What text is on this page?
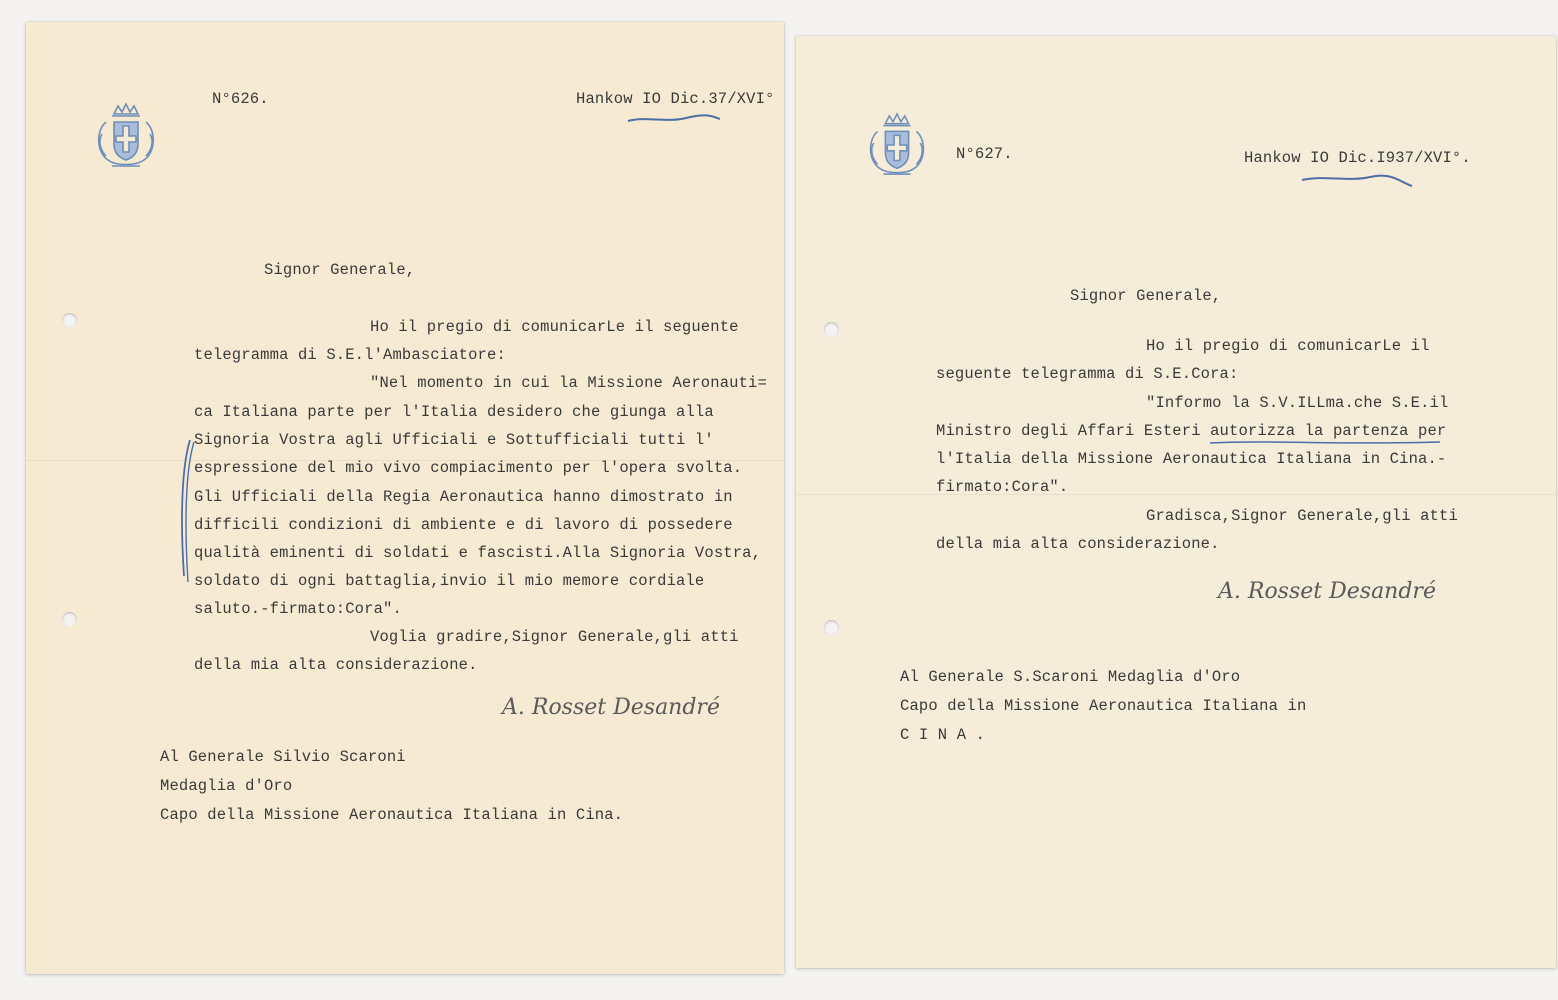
N°626.	Hankow IO Dic.37/XVI°
Signor Generale,
Ho il pregio di comunicarLe il seguente
telegramma di S.E.l'Ambasciatore:
"Nel momento in cui la Missione Aeronauti=
ca Italiana parte per l'Italia desidero che giunga alla
Signoria Vostra agli Ufficiali e Sottufficiali tutti l'
espressione del mio vivo compiacimento per l'opera svolta.
Gli Ufficiali della Regia Aeronautica hanno dimostrato in
difficili condizioni di ambiente e di lavoro di possedere
qualità eminenti di soldati e fascisti.Alla Signoria Vostra,
soldato di ogni battaglia,invio il mio memore cordiale
saluto.-firmato:Cora".
Voglia gradire,Signor Generale,gli atti
della mia alta considerazione.
A. Rosset Desandré
Al Generale Silvio Scaroni
Medaglia d'Oro
Capo della Missione Aeronautica Italiana in Cina.
N°627.	Hankow IO Dic.I937/XVI°.
Signor Generale,
Ho il pregio di comunicarLe il
seguente telegramma di S.E.Cora:
"Informo la S.V.ILLma.che S.E.il
Ministro degli Affari Esteri autorizza la partenza per
l'Italia della Missione Aeronautica Italiana in Cina.-
firmato:Cora".
Gradisca,Signor Generale,gli atti
della mia alta considerazione.
A. Rosset Desandré
Al Generale S.Scaroni Medaglia d'Oro
Capo della Missione Aeronautica Italiana in
C I N A .
